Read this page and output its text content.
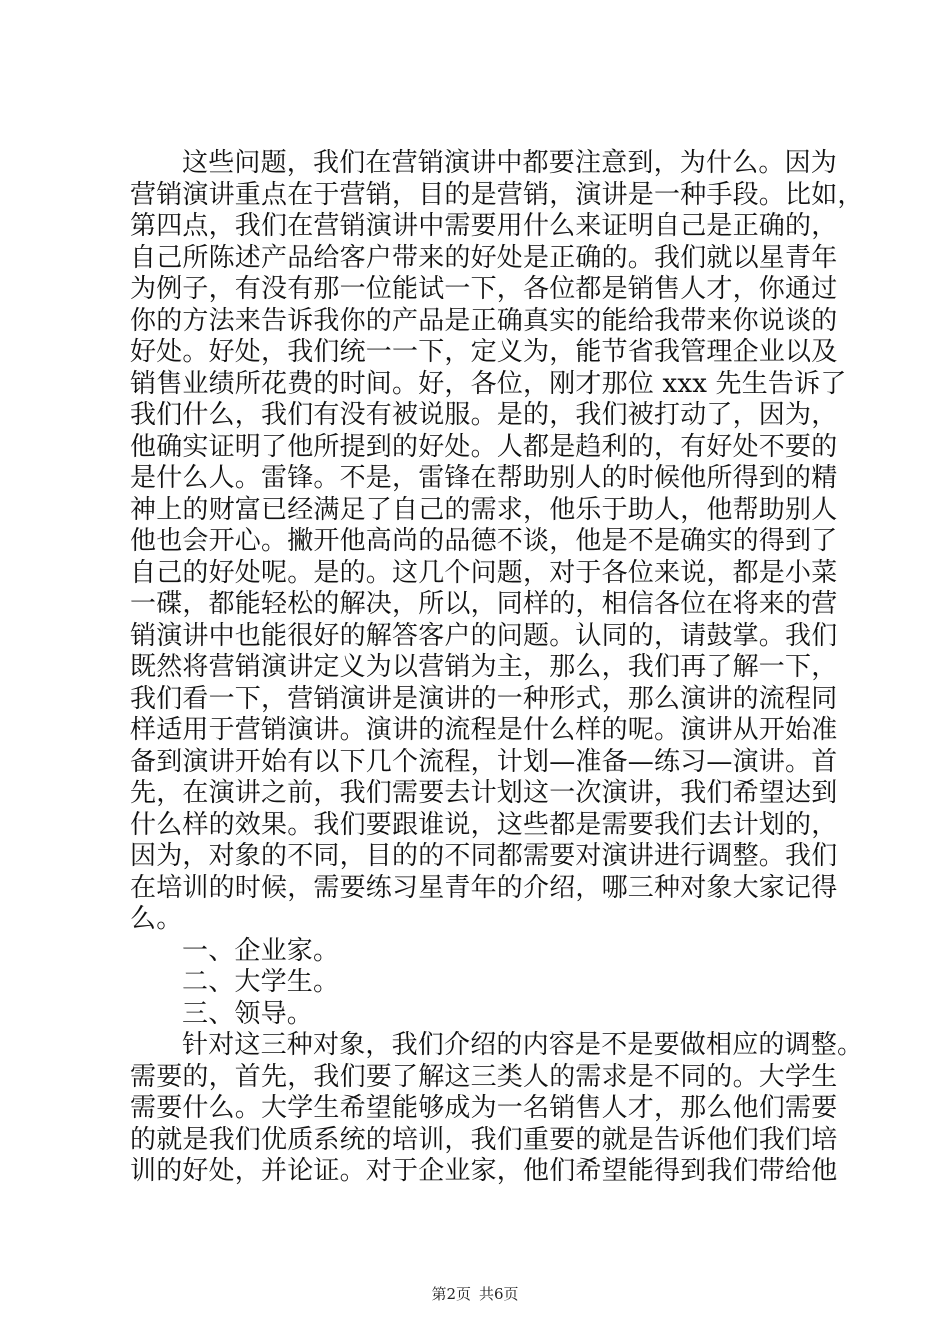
这些问题，我们在营销演讲中都要注意到，为什么。因为
营销演讲重点在于营销，目的是营销，演讲是一种手段。比如，
第四点，我们在营销演讲中需要用什么来证明自己是正确的，
自己所陈述产品给客户带来的好处是正确的。我们就以星青年
为例子，有没有那一位能试一下，各位都是销售人才，你通过
你的方法来告诉我你的产品是正确真实的能给我带来你说谈的
好处。好处，我们统一一下，定义为，能节省我管理企业以及
销售业绩所花费的时间。好，各位，刚才那位 xxx 先生告诉了
我们什么，我们有没有被说服。是的，我们被打动了，因为，
他确实证明了他所提到的好处。人都是趋利的，有好处不要的
是什么人。雷锋。不是，雷锋在帮助别人的时候他所得到的精
神上的财富已经满足了自己的需求，他乐于助人，他帮助别人
他也会开心。撇开他高尚的品德不谈，他是不是确实的得到了
自己的好处呢。是的。这几个问题，对于各位来说，都是小菜
一碟，都能轻松的解决，所以，同样的，相信各位在将来的营
销演讲中也能很好的解答客户的问题。认同的，请鼓掌。我们
既然将营销演讲定义为以营销为主，那么，我们再了解一下，
我们看一下，营销演讲是演讲的一种形式，那么演讲的流程同
样适用于营销演讲。演讲的流程是什么样的呢。演讲从开始准
备到演讲开始有以下几个流程，计划—准备—练习—演讲。首
先，在演讲之前，我们需要去计划这一次演讲，我们希望达到
什么样的效果。我们要跟谁说，这些都是需要我们去计划的，
因为，对象的不同，目的的不同都需要对演讲进行调整。我们
在培训的时候，需要练习星青年的介绍，哪三种对象大家记得
么。
一、企业家。
二、大学生。
三、领导。
针对这三种对象，我们介绍的内容是不是要做相应的调整。
需要的，首先，我们要了解这三类人的需求是不同的。大学生
需要什么。大学生希望能够成为一名销售人才，那么他们需要
的就是我们优质系统的培训，我们重要的就是告诉他们我们培
训的好处，并论证。对于企业家，他们希望能得到我们带给他
第2页 共6页
